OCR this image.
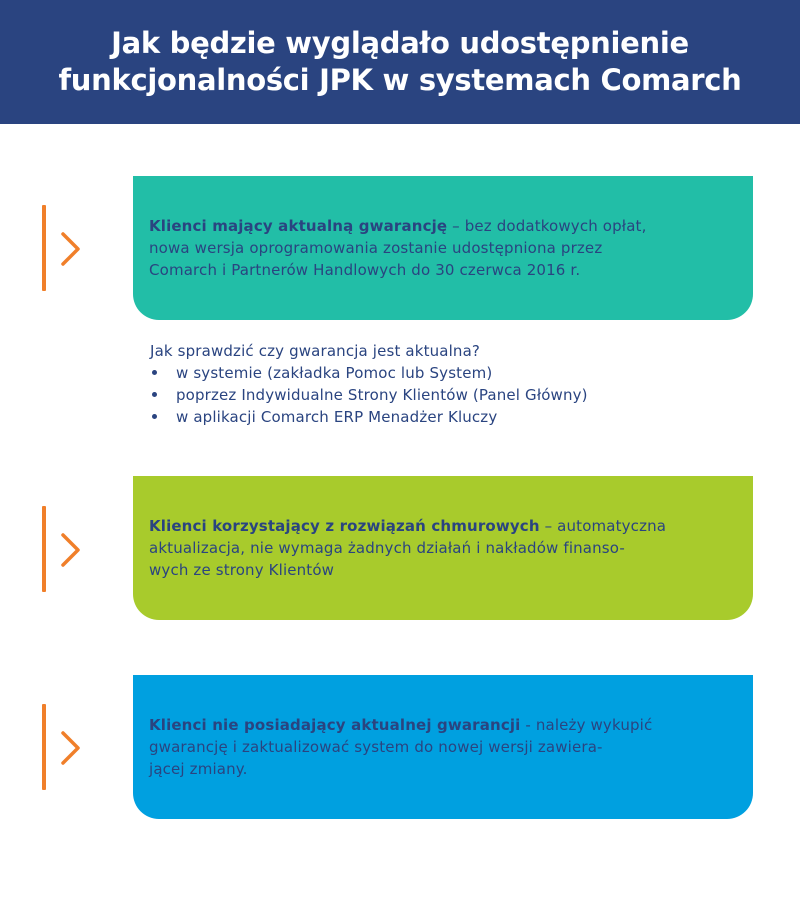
Jak będzie wyglądało udostępnienie
funkcjonalności JPK w systemach Comarch

Klienci mający aktualną gwarancję – bez dodatkowych opłat,
nowa wersja oprogramowania zostanie udostępniona przez
Comarch i Partnerów Handlowych do 30 czerwca 2016 r.

Jak sprawdzić czy gwarancja jest aktualna?
w systemie (zakładka Pomoc lub System)
poprzez Indywidualne Strony Klientów (Panel Główny)
w aplikacji Comarch ERP Menadżer Kluczy

Klienci korzystający z rozwiązań chmurowych – automatyczna
aktualizacja, nie wymaga żadnych działań i nakładów finanso-
wych ze strony Klientów

Klienci nie posiadający aktualnej gwarancji - należy wykupić
gwarancję i zaktualizować system do nowej wersji zawiera-
jącej zmiany.
